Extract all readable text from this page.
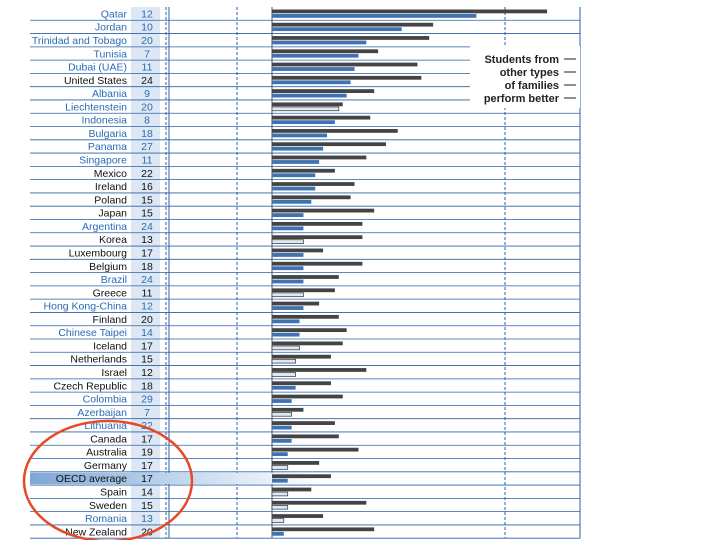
Qatar 12
Jordan 10
Trinidad and Tobago 20
Tunisia 7
Dubai (UAE) 11
United States 24
Albania 9
Liechtenstein 20
Indonesia 8
Bulgaria 18
Panama 27
Singapore 11
Mexico 22
Ireland 16
Poland 15
Japan 15
Argentina 24
Korea 13
Luxembourg 17
Belgium 18
Brazil 24
Greece 11
Hong Kong-China 12
Finland 20
Chinese Taipei 14
Iceland 17
Netherlands 15
Israel 12
Czech Republic 18
Colombia 29
Azerbaijan 7
Lithuania 22
Canada 17
Australia 19
Germany 17
OECD average 17
Spain 14
Sweden 15
Romania 13
New Zealand 20
Students from
other types
of families
perform better
